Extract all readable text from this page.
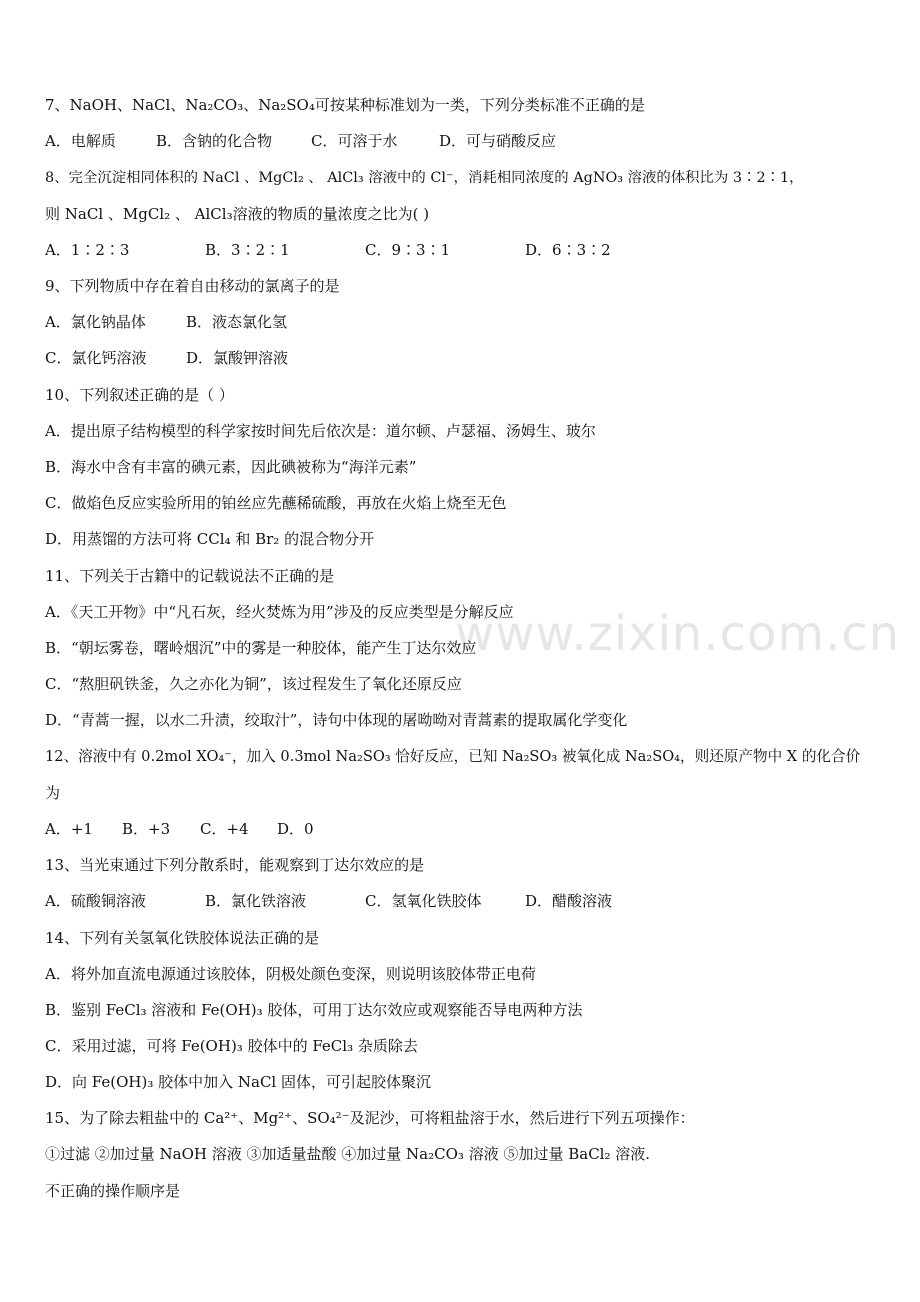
www.zixin.com.cn
7、NaOH、NaCl、Na₂CO₃、Na₂SO₄可按某种标准划为一类，下列分类标准不正确的是
A．电解质	B．含钠的化合物	C．可溶于水	D．可与硝酸反应
8、完全沉淀相同体积的 NaCl 、MgCl₂ 、 AlCl₃ 溶液中的 Cl⁻，消耗相同浓度的 AgNO₃ 溶液的体积比为 3∶2∶1，
则 NaCl 、MgCl₂ 、 AlCl₃溶液的物质的量浓度之比为( )
A．1∶2∶3	B．3∶2∶1	C．9∶3∶1	D．6∶3∶2
9、下列物质中存在着自由移动的氯离子的是
A．氯化钠晶体	B．液态氯化氢
C．氯化钙溶液	D．氯酸钾溶液
10、下列叙述正确的是（ ）
A．提出原子结构模型的科学家按时间先后依次是：道尔顿、卢瑟福、汤姆生、玻尔
B．海水中含有丰富的碘元素，因此碘被称为“海洋元素”
C．做焰色反应实验所用的铂丝应先蘸稀硫酸，再放在火焰上烧至无色
D．用蒸馏的方法可将 CCl₄ 和 Br₂ 的混合物分开
11、下列关于古籍中的记载说法不正确的是
A．《天工开物》中“凡石灰，经火焚炼为用”涉及的反应类型是分解反应
B．“朝坛雾卷，曙岭烟沉”中的雾是一种胶体，能产生丁达尔效应
C．“熬胆矾铁釜，久之亦化为铜”，该过程发生了氧化还原反应
D．“青蒿一握，以水二升渍，绞取汁”，诗句中体现的屠呦呦对青蒿素的提取属化学变化
12、溶液中有 0.2mol XO₄⁻，加入 0.3mol Na₂SO₃ 恰好反应，已知 Na₂SO₃ 被氧化成 Na₂SO₄，则还原产物中 X 的化合价
为
A．+1	B．+3	C．+4	D．0
13、当光束通过下列分散系时，能观察到丁达尔效应的是
A．硫酸铜溶液	B．氯化铁溶液	C．氢氧化铁胶体	D．醋酸溶液
14、下列有关氢氧化铁胶体说法正确的是
A．将外加直流电源通过该胶体，阴极处颜色变深，则说明该胶体带正电荷
B．鉴别 FeCl₃ 溶液和 Fe(OH)₃ 胶体，可用丁达尔效应或观察能否导电两种方法
C．采用过滤，可将 Fe(OH)₃ 胶体中的 FeCl₃ 杂质除去
D．向 Fe(OH)₃ 胶体中加入 NaCl 固体，可引起胶体聚沉
15、为了除去粗盐中的 Ca²⁺、Mg²⁺、SO₄²⁻及泥沙，可将粗盐溶于水，然后进行下列五项操作：
①过滤 ②加过量 NaOH 溶液 ③加适量盐酸 ④加过量 Na₂CO₃ 溶液 ⑤加过量 BaCl₂ 溶液.
不正确的操作顺序是
